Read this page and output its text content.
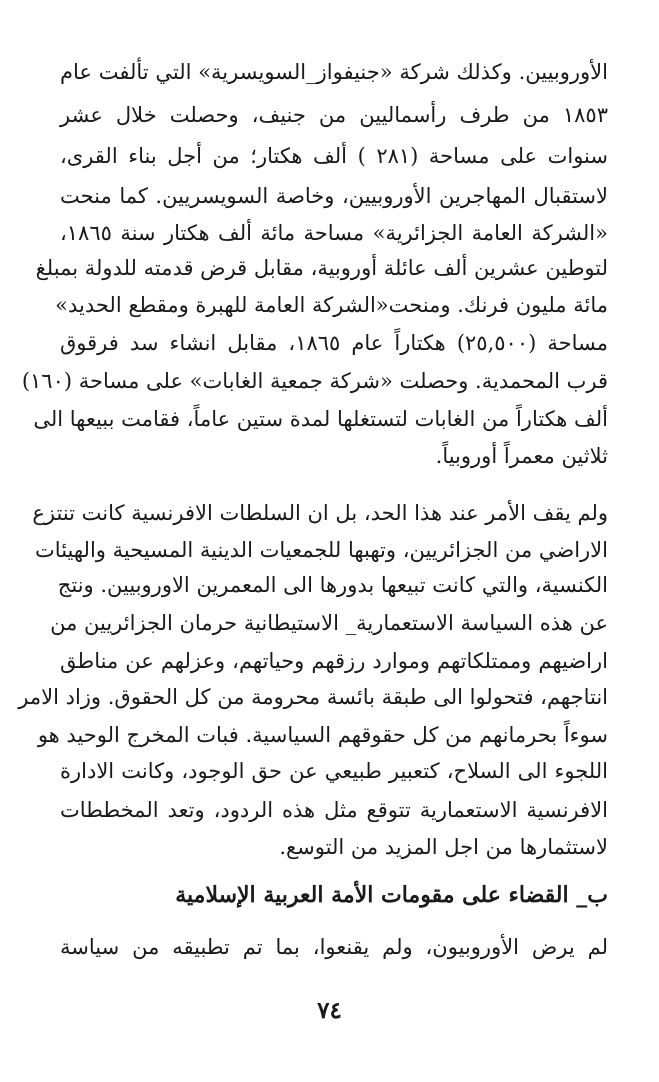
الأوروبيين. وكذلك شركة «جنيفواز_السويسرية» التي تألفت عام
١٨٥٣ من طرف رأسماليين من جنيف، وحصلت خلال عشر
سنوات على مساحة (٢٨١ ) ألف هكتار؛ من أجل بناء القرى،
لاستقبال المهاجرين الأوروبيين، وخاصة السويسريين. كما منحت
«الشركة العامة الجزائرية» مساحة مائة ألف هكتار سنة ١٨٦٥،
لتوطين عشرين ألف عائلة أوروبية، مقابل قرض قدمته للدولة بمبلغ
مائة مليون فرنك. ومنحت«الشركة العامة للهبرة ومقطع الحديد»
مساحة (٢٥,٥٠٠) هكتاراً عام ١٨٦٥، مقابل انشاء سد فرقوق
قرب المحمدية. وحصلت «شركة جمعية الغابات» على مساحة (١٦٠)
ألف هكتاراً من الغابات لتستغلها لمدة ستين عاماً، فقامت ببيعها الى
ثلاثين معمراً أوروبياً.
ولم يقف الأمر عند هذا الحد، بل ان السلطات الافرنسية كانت تنتزع
الاراضي من الجزائريين، وتهبها للجمعيات الدينية المسيحية والهيئات
الكنسية، والتي كانت تبيعها بدورها الى المعمرين الاوروبيين. ونتج
عن هذه السياسة الاستعمارية_ الاستيطانية حرمان الجزائريين من
اراضيهم وممتلكاتهم وموارد رزقهم وحياتهم، وعزلهم عن مناطق
انتاجهم، فتحولوا الى طبقة بائسة محرومة من كل الحقوق. وزاد الامر
سوءاً بحرمانهم من كل حقوقهم السياسية. فبات المخرج الوحيد هو
اللجوء الى السلاح، كتعبير طبيعي عن حق الوجود، وكانت الادارة
الافرنسية الاستعمارية تتوقع مثل هذه الردود، وتعد المخططات
لاستثمارها من اجل المزيد من التوسع.
ب_ القضاء على مقومات الأمة العربية الإسلامية
لم يرض الأوروبيون، ولم يقنعوا، بما تم تطبيقه من سياسة
٧٤
